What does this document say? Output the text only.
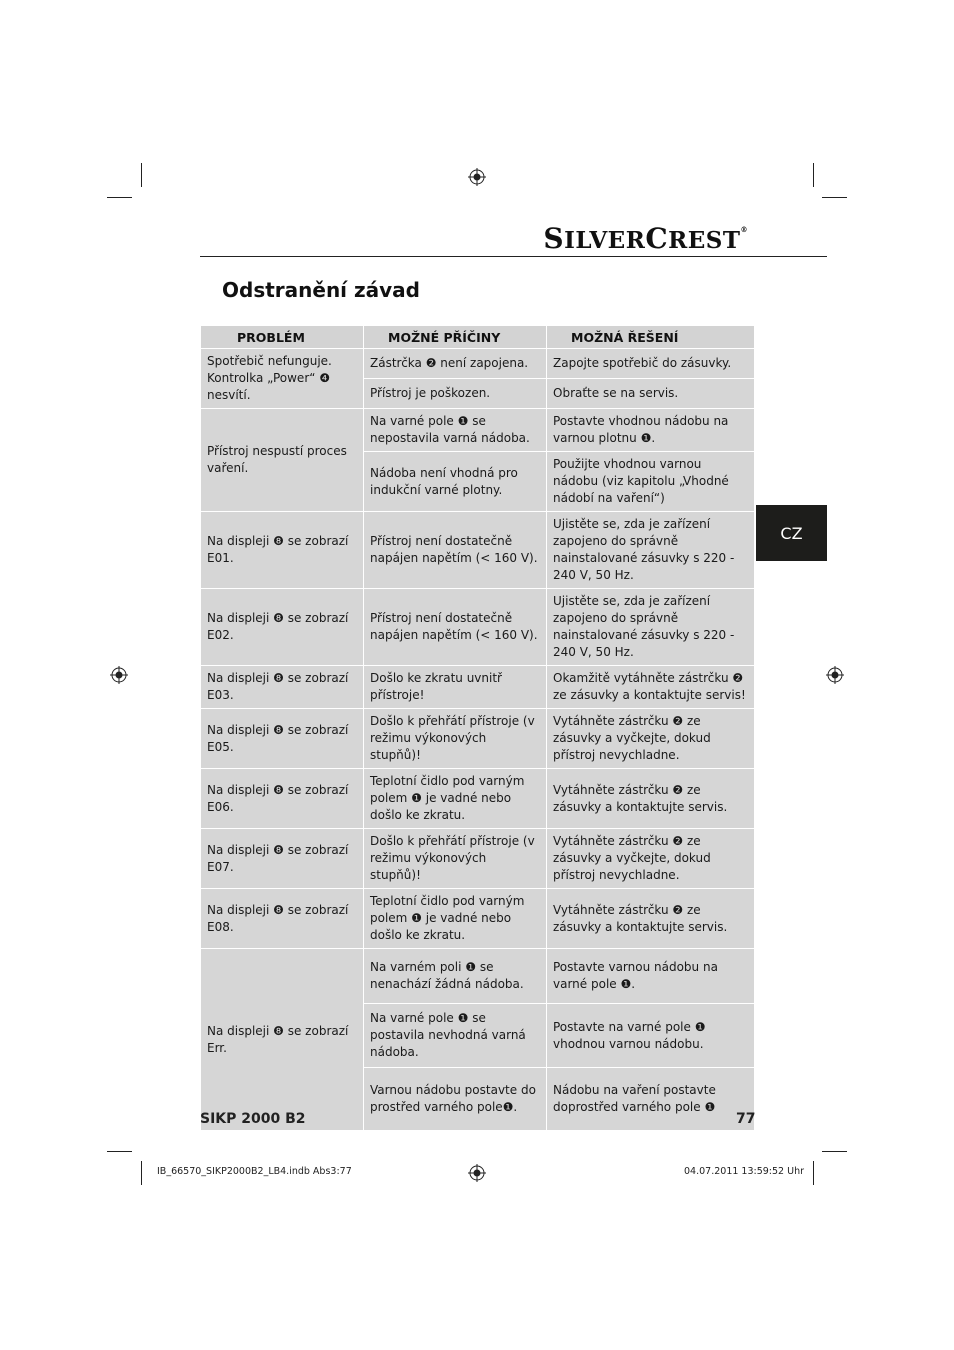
SILVERCREST®
Odstranění závad
CZ
PROBLÉM	MOŽNÉ PŘÍČINY	MOŽNÁ ŘEŠENÍ
Spotřebič nefunguje. Kontrolka „Power“ ❹ nesvítí.	Zástrčka ❷ není zapojena.	Zapojte spotřebič do zásuvky.
	Přístroj je poškozen.	Obraťte se na servis.
Přístroj nespustí proces vaření.	Na varné pole ❶ se nepostavila varná nádoba.	Postavte vhodnou nádobu na varnou plotnu ❶.
	Nádoba není vhodná pro indukční varné plotny.	Použijte vhodnou varnou nádobu (viz kapitolu „Vhodné nádobí na vaření“)
Na displeji ❽ se zobrazí E01.	Přístroj není dostatečně napájen napětím (< 160 V).	Ujistěte se, zda je zařízení zapojeno do správně nainstalované zásuvky s 220 - 240 V, 50 Hz.
Na displeji ❽ se zobrazí E02.	Přístroj není dostatečně napájen napětím (< 160 V).	Ujistěte se, zda je zařízení zapojeno do správně nainstalované zásuvky s 220 - 240 V, 50 Hz.
Na displeji ❽ se zobrazí E03.	Došlo ke zkratu uvnitř přístroje!	Okamžitě vytáhněte zástrčku ❷ ze zásuvky a kontaktujte servis!
Na displeji ❽ se zobrazí E05.	Došlo k přehřátí přístroje (v režimu výkonových stupňů)!	Vytáhněte zástrčku ❷ ze zásuvky a vyčkejte, dokud přístroj nevychladne.
Na displeji ❽ se zobrazí E06.	Teplotní čidlo pod varným polem ❶ je vadné nebo došlo ke zkratu.	Vytáhněte zástrčku ❷ ze zásuvky a kontaktujte servis.
Na displeji ❽ se zobrazí E07.	Došlo k přehřátí přístroje (v režimu výkonových stupňů)!	Vytáhněte zástrčku ❷ ze zásuvky a vyčkejte, dokud přístroj nevychladne.
Na displeji ❽ se zobrazí E08.	Teplotní čidlo pod varným polem ❶ je vadné nebo došlo ke zkratu.	Vytáhněte zástrčku ❷ ze zásuvky a kontaktujte servis.
Na displeji ❽ se zobrazí Err.	Na varném poli ❶ se nenachází žádná nádoba.	Postavte varnou nádobu na varné pole ❶.
	Na varné pole ❶ se postavila nevhodná varná nádoba.	Postavte na varné pole ❶ vhodnou varnou nádobu.
	Varnou nádobu postavte do prostřed varného pole❶.	Nádobu na vaření postavte doprostřed varného pole ❶
SIKP 2000 B2	77
IB_66570_SIKP2000B2_LB4.indb Abs3:77	04.07.2011 13:59:52 Uhr
